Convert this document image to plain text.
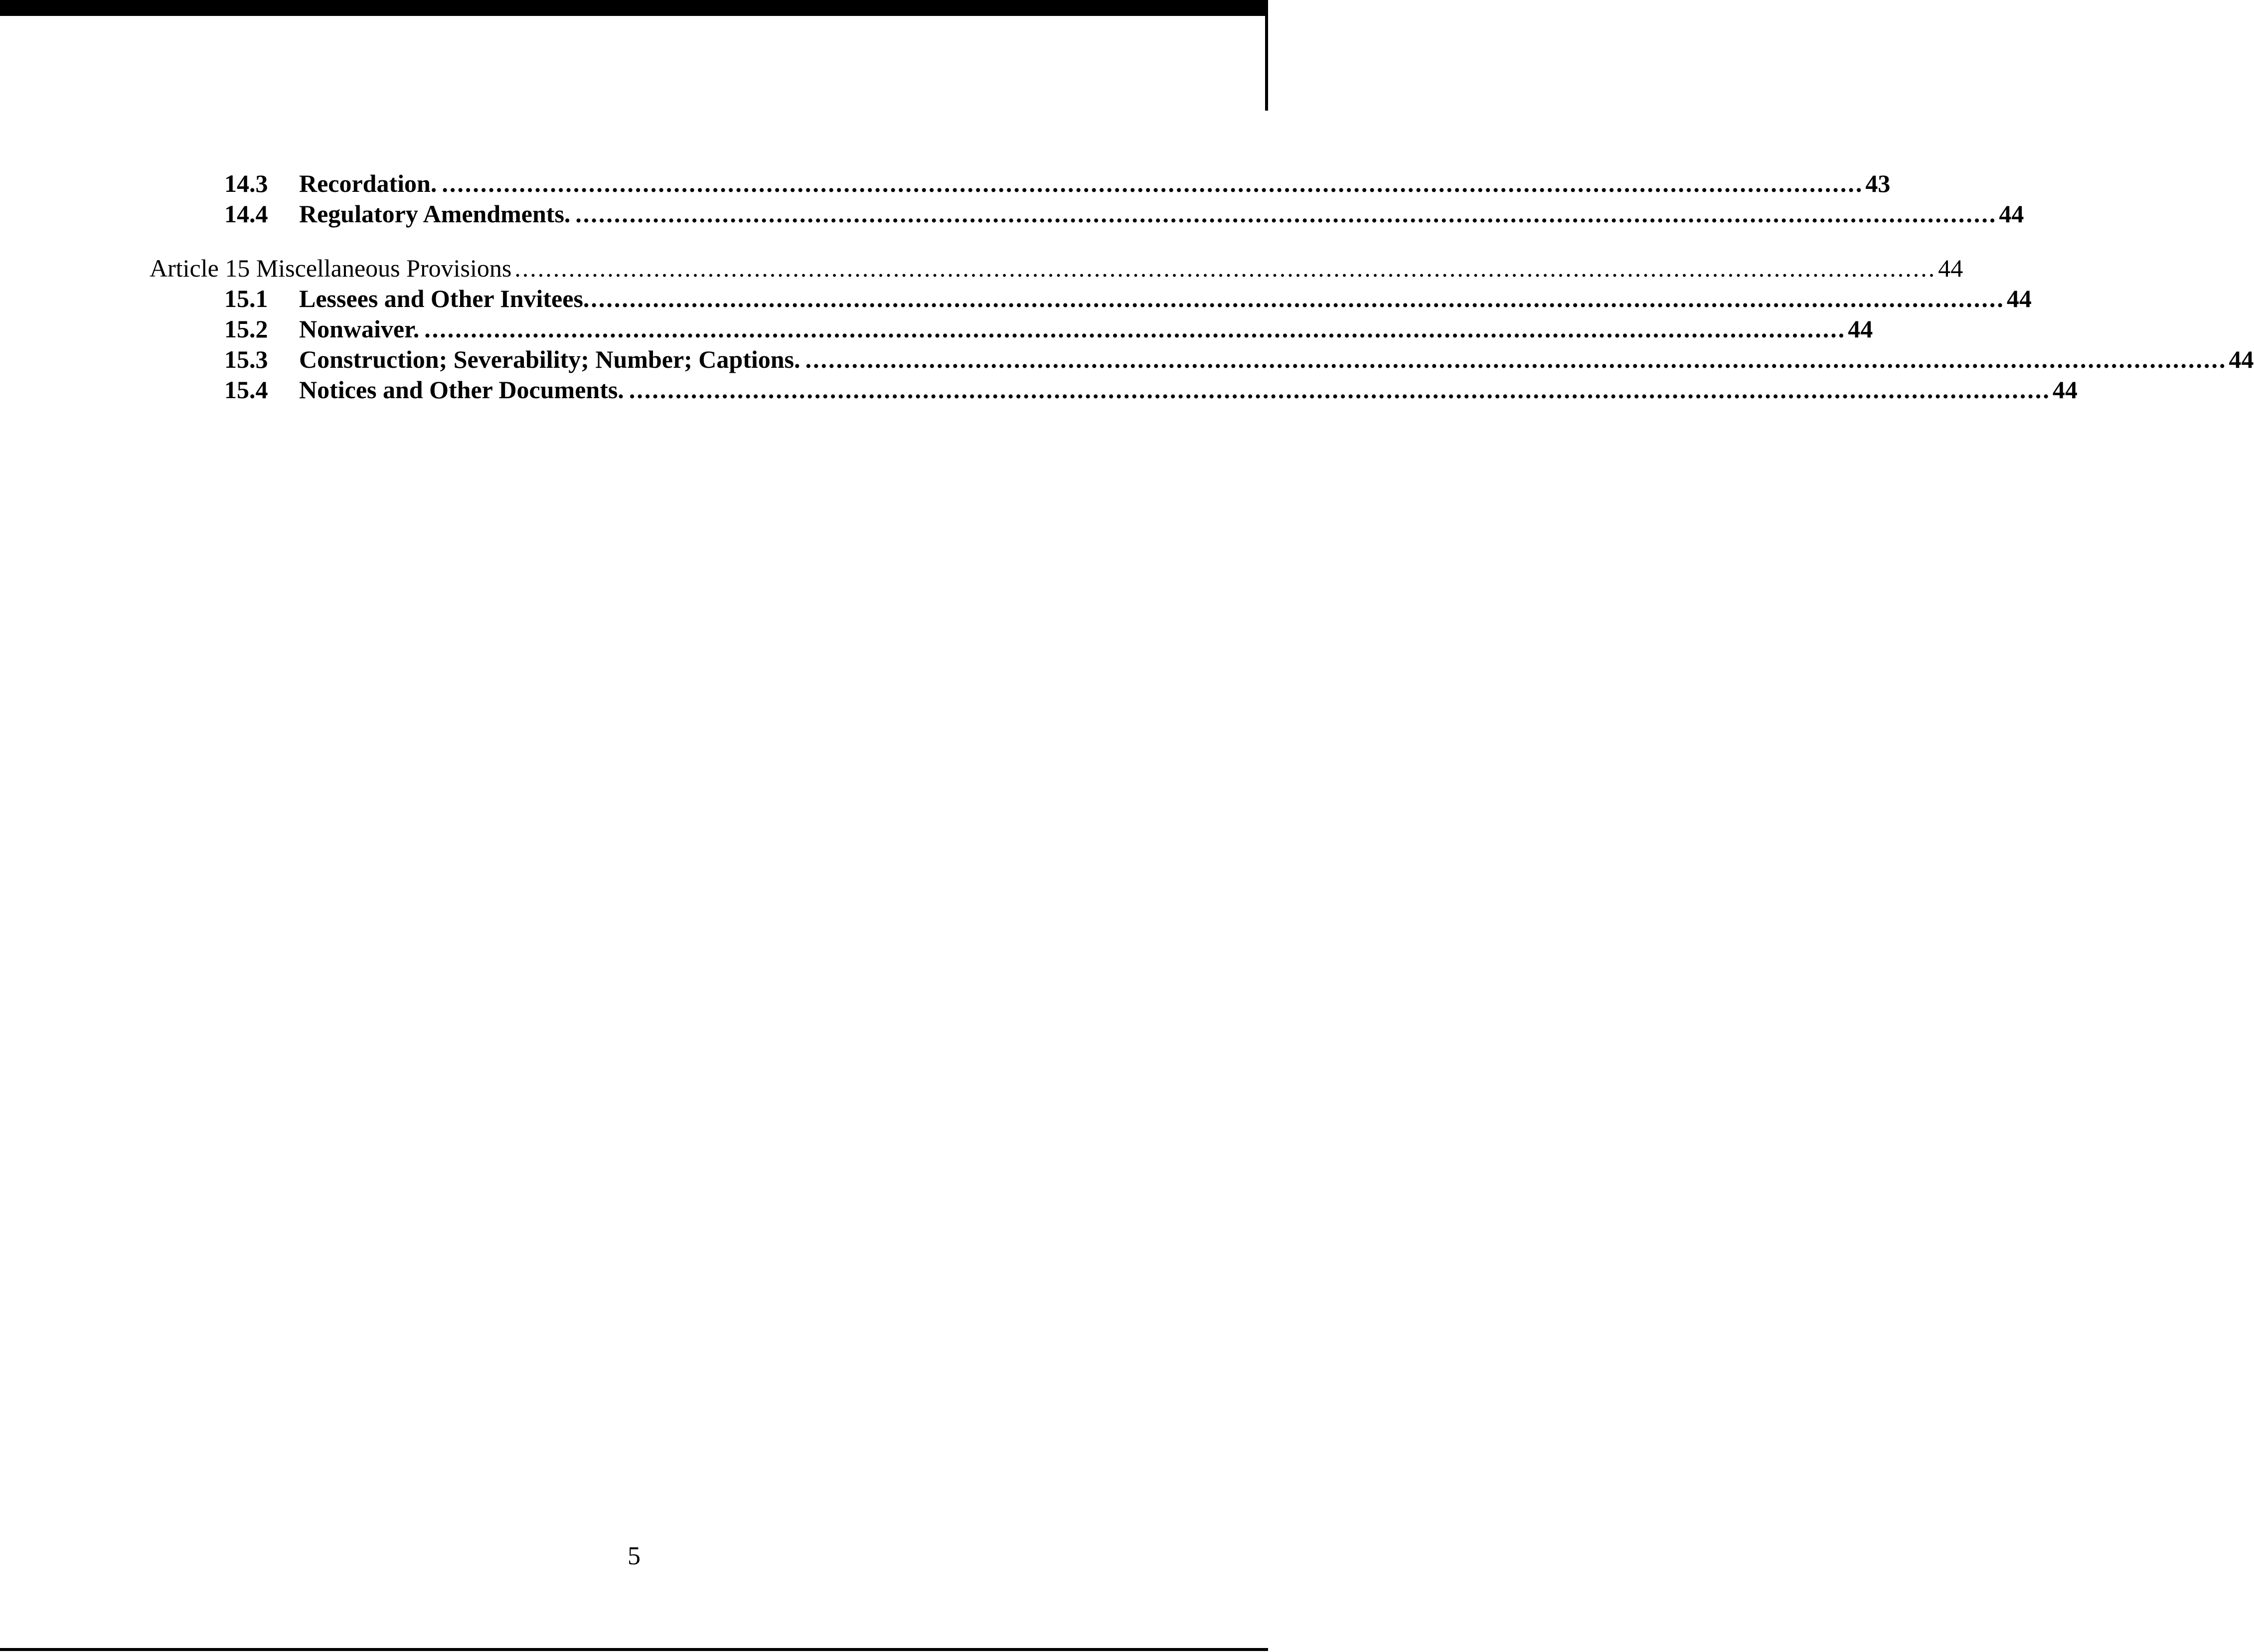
14.3 Recordation. ........................................................................................................................................................................................ 43
14.4 Regulatory Amendments. ........................................................................................................................................................................................ 44
Article 15 Miscellaneous Provisions ........................................................................................................................................................................................ 44
15.1 Lessees and Other Invitees ........................................................................................................................................................................................ 44
15.2 Nonwaiver. ........................................................................................................................................................................................ 44
15.3 Construction; Severability; Number; Captions. ........................................................................................................................................................................................ 44
15.4 Notices and Other Documents. ........................................................................................................................................................................................ 44
5
